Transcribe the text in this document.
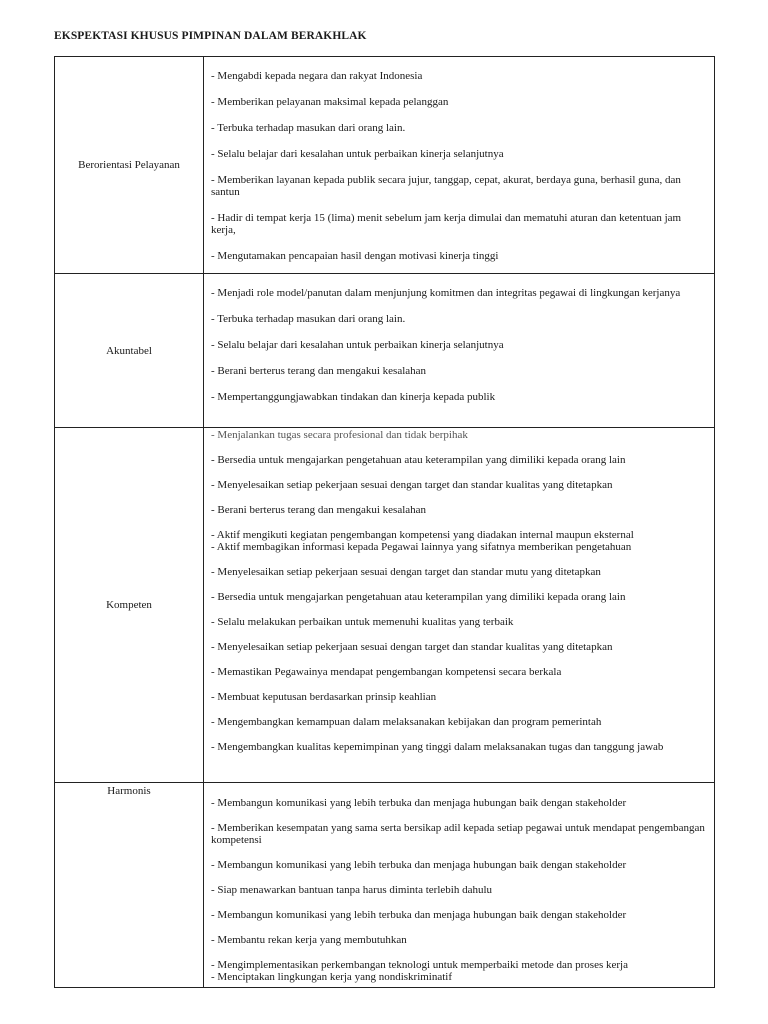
EKSPEKTASI KHUSUS PIMPINAN DALAM BERAKHLAK
Berorientasi Pelayanan

- Mengabdi kepada negara dan rakyat Indonesia

- Memberikan pelayanan maksimal kepada pelanggan

- Terbuka terhadap masukan dari orang lain.

- Selalu belajar dari kesalahan untuk perbaikan kinerja selanjutnya

- Memberikan layanan kepada publik secara jujur, tanggap, cepat, akurat, berdaya guna, berhasil guna, dan santun

- Hadir di tempat kerja 15 (lima) menit sebelum jam kerja dimulai dan mematuhi aturan dan ketentuan jam kerja,

- Mengutamakan pencapaian hasil dengan motivasi kinerja tinggi

Akuntabel

- Menjadi role model/panutan dalam menjunjung komitmen dan integritas pegawai di lingkungan kerjanya

- Terbuka terhadap masukan dari orang lain.

- Selalu belajar dari kesalahan untuk perbaikan kinerja selanjutnya

- Berani berterus terang dan mengakui kesalahan

- Mempertanggungjawabkan tindakan dan kinerja kepada publik

Kompeten

- Menjalankan tugas secara profesional dan tidak berpihak

- Bersedia untuk mengajarkan pengetahuan atau keterampilan yang dimiliki kepada orang lain

- Menyelesaikan setiap pekerjaan sesuai dengan target dan standar kualitas yang ditetapkan

- Berani berterus terang dan mengakui kesalahan

- Aktif mengikuti kegiatan pengembangan kompetensi yang diadakan internal maupun eksternal

- Aktif membagikan informasi kepada Pegawai lainnya yang sifatnya memberikan pengetahuan

- Menyelesaikan setiap pekerjaan sesuai dengan target dan standar mutu yang ditetapkan

- Bersedia untuk mengajarkan pengetahuan atau keterampilan yang dimiliki kepada orang lain

- Selalu melakukan perbaikan untuk memenuhi kualitas yang terbaik

- Menyelesaikan setiap pekerjaan sesuai dengan target dan standar kualitas yang ditetapkan

- Memastikan Pegawainya mendapat pengembangan kompetensi secara berkala

- Membuat keputusan berdasarkan prinsip keahlian

- Mengembangkan kemampuan dalam melaksanakan kebijakan dan program pemerintah

- Mengembangkan kualitas kepemimpinan yang tinggi dalam melaksanakan tugas dan tanggung jawab

Harmonis

- Membangun komunikasi yang lebih terbuka dan menjaga hubungan baik dengan stakeholder

- Memberikan kesempatan yang sama serta bersikap adil kepada setiap pegawai untuk mendapat pengembangan kompetensi

- Membangun komunikasi yang lebih terbuka dan menjaga hubungan baik dengan stakeholder

- Siap menawarkan bantuan tanpa harus diminta terlebih dahulu

- Membangun komunikasi yang lebih terbuka dan menjaga hubungan baik dengan stakeholder

- Membantu rekan kerja yang membutuhkan

- Mengimplementasikan perkembangan teknologi untuk memperbaiki metode dan proses kerja

- Menciptakan lingkungan kerja yang nondiskriminatif
